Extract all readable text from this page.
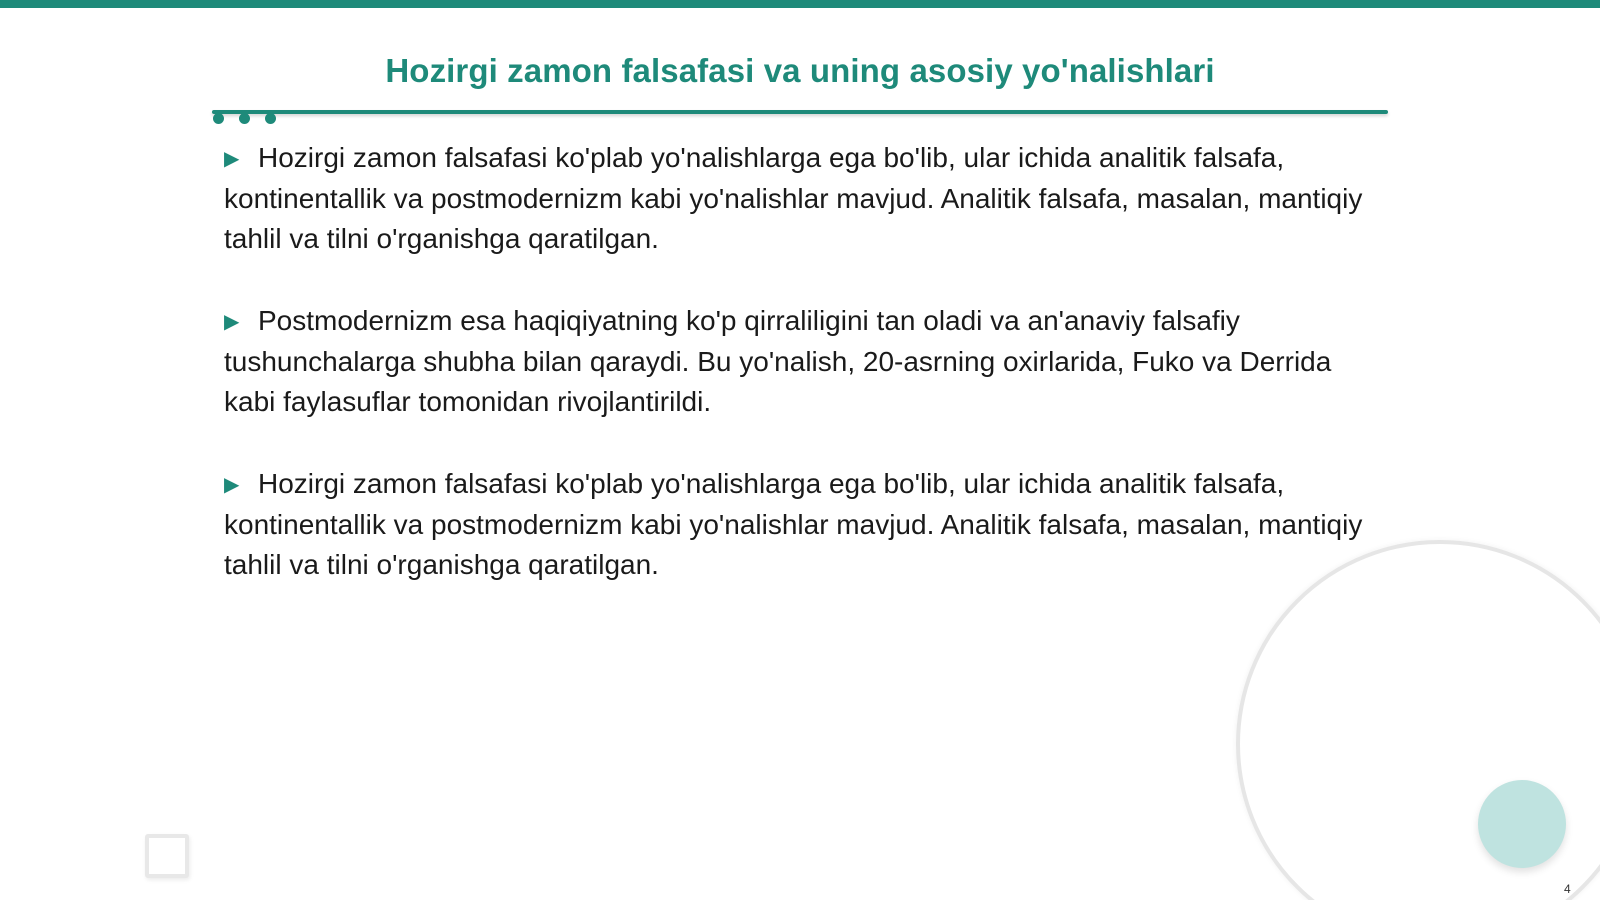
Hozirgi zamon falsafasi va uning asosiy yo'nalishlari

▶ Hozirgi zamon falsafasi ko'plab yo'nalishlarga ega bo'lib, ular ichida analitik falsafa, kontinentallik va postmodernizm kabi yo'nalishlar mavjud. Analitik falsafa, masalan, mantiqiy tahlil va tilni o'rganishga qaratilgan.

▶ Postmodernizm esa haqiqiyatning ko'p qirraliligini tan oladi va an'anaviy falsafiy tushunchalarga shubha bilan qaraydi. Bu yo'nalish, 20-asrning oxirlarida, Fuko va Derrida kabi faylasuflar tomonidan rivojlantirildi.

▶ Hozirgi zamon falsafasi ko'plab yo'nalishlarga ega bo'lib, ular ichida analitik falsafa, kontinentallik va postmodernizm kabi yo'nalishlar mavjud. Analitik falsafa, masalan, mantiqiy tahlil va tilni o'rganishga qaratilgan.

4
